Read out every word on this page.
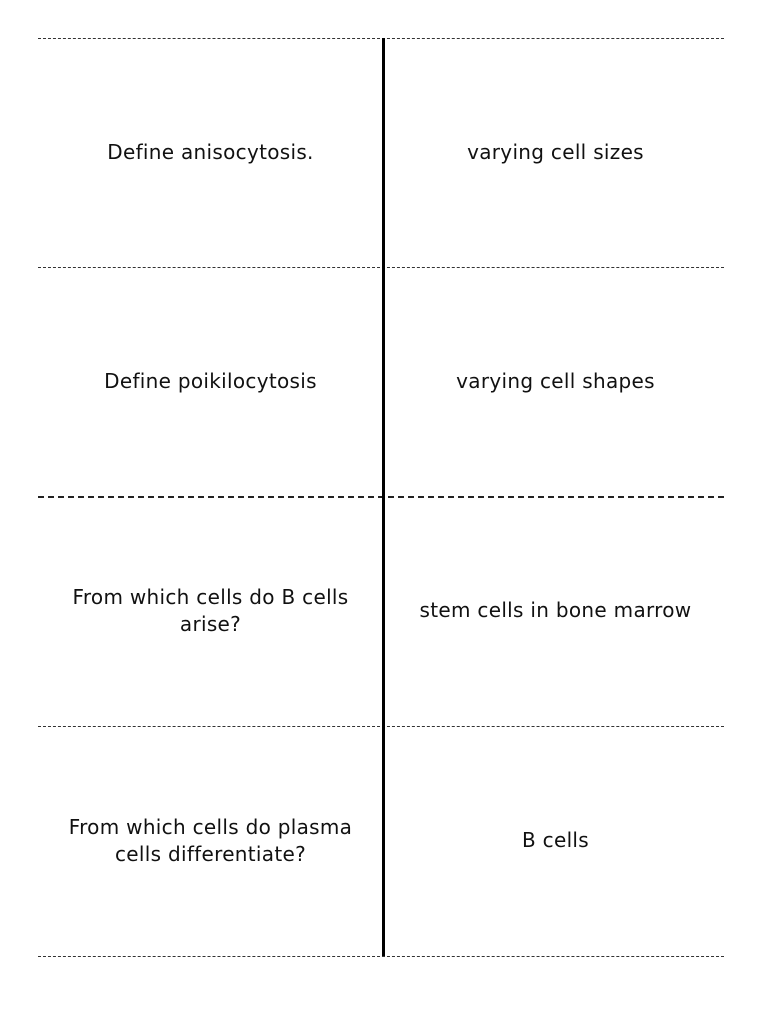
Define anisocytosis.	varying cell sizes
Define poikilocytosis	varying cell shapes
From which cells do B cells
arise?
stem cells in bone marrow
From which cells do plasma
cells differentiate?
B cells
